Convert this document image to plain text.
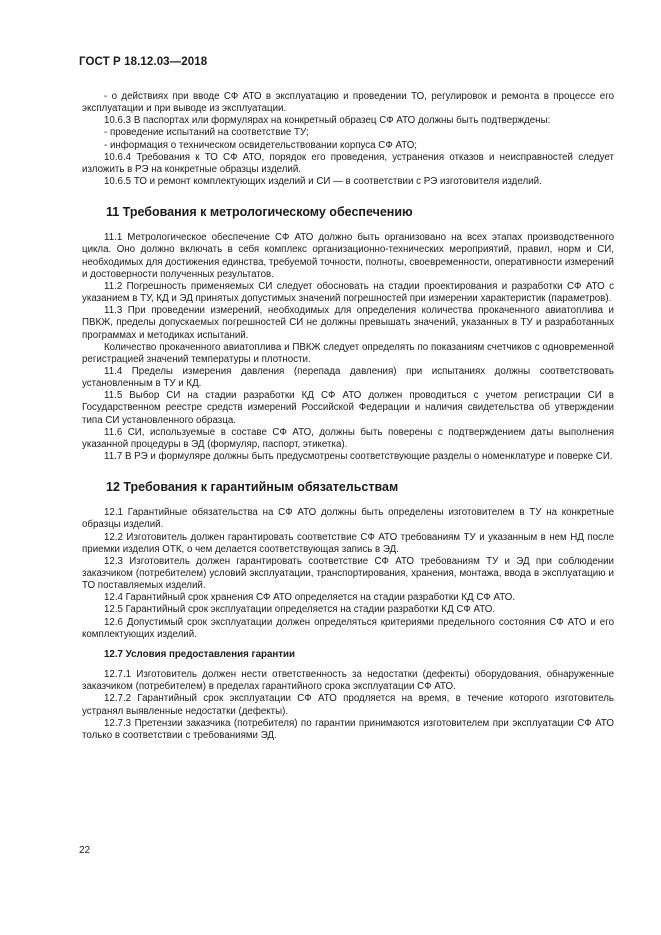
ГОСТ Р 18.12.03—2018

- о действиях при вводе СФ АТО в эксплуатацию и проведении ТО, регулировок и ремонта в процессе его эксплуатации и при выводе из эксплуатации.

10.6.3 В паспортах или формулярах на конкретный образец СФ АТО должны быть подтверждены:

- проведение испытаний на соответствие ТУ;

- информация о техническом освидетельствовании корпуса СФ АТО;

10.6.4 Требования к ТО СФ АТО, порядок его проведения, устранения отказов и неисправностей следует изложить в РЭ на конкретные образцы изделий.

10.6.5 ТО и ремонт комплектующих изделий и СИ — в соответствии с РЭ изготовителя изделий.

11 Требования к метрологическому обеспечению

11.1 Метрологическое обеспечение СФ АТО должно быть организовано на всех этапах производственного цикла. Оно должно включать в себя комплекс организационно-технических мероприятий, правил, норм и СИ, необходимых для достижения единства, требуемой точности, полноты, своевременности, оперативности измерений и достоверности полученных результатов.

11.2 Погрешность применяемых СИ следует обосновать на стадии проектирования и разработки СФ АТО с указанием в ТУ, КД и ЭД принятых допустимых значений погрешностей при измерении характеристик (параметров).

11.3 При проведении измерений, необходимых для определения количества прокаченного авиатоплива и ПВКЖ, пределы допускаемых погрешностей СИ не должны превышать значений, указанных в ТУ и разработанных программах и методиках испытаний.

Количество прокаченного авиатоплива и ПВКЖ следует определять по показаниям счетчиков с одновременной регистрацией значений температуры и плотности.

11.4 Пределы измерения давления (перепада давления) при испытаниях должны соответствовать установленным в ТУ и КД.

11.5 Выбор СИ на стадии разработки КД СФ АТО должен проводиться с учетом регистрации СИ в Государственном реестре средств измерений Российской Федерации и наличия свидетельства об утверждении типа СИ установленного образца.

11.6 СИ, используемые в составе СФ АТО, должны быть поверены с подтверждением даты выполнения указанной процедуры в ЭД (формуляр, паспорт, этикетка).

11.7 В РЭ и формуляре должны быть предусмотрены соответствующие разделы о номенклатуре и поверке СИ.

12 Требования к гарантийным обязательствам

12.1 Гарантийные обязательства на СФ АТО должны быть определены изготовителем в ТУ на конкретные образцы изделий.

12.2 Изготовитель должен гарантировать соответствие СФ АТО требованиям ТУ и указанным в нем НД после приемки изделия ОТК, о чем делается соответствующая запись в ЭД.

12.3 Изготовитель должен гарантировать соответствие СФ АТО требованиям ТУ и ЭД при соблюдении заказчиком (потребителем) условий эксплуатации, транспортирования, хранения, монтажа, ввода в эксплуатацию и ТО поставляемых изделий.

12.4 Гарантийный срок хранения СФ АТО определяется на стадии разработки КД СФ АТО.

12.5 Гарантийный срок эксплуатации определяется на стадии разработки КД СФ АТО.

12.6 Допустимый срок эксплуатации должен определяться критериями предельного состояния СФ АТО и его комплектующих изделий.

12.7 Условия предоставления гарантии

12.7.1 Изготовитель должен нести ответственность за недостатки (дефекты) оборудования, обнаруженные заказчиком (потребителем) в пределах гарантийного срока эксплуатации СФ АТО.

12.7.2 Гарантийный срок эксплуатации СФ АТО продляется на время, в течение которого изготовитель устранял выявленные недостатки (дефекты).

12.7.3 Претензии заказчика (потребителя) по гарантии принимаются изготовителем при эксплуатации СФ АТО только в соответствии с требованиями ЭД.

22
